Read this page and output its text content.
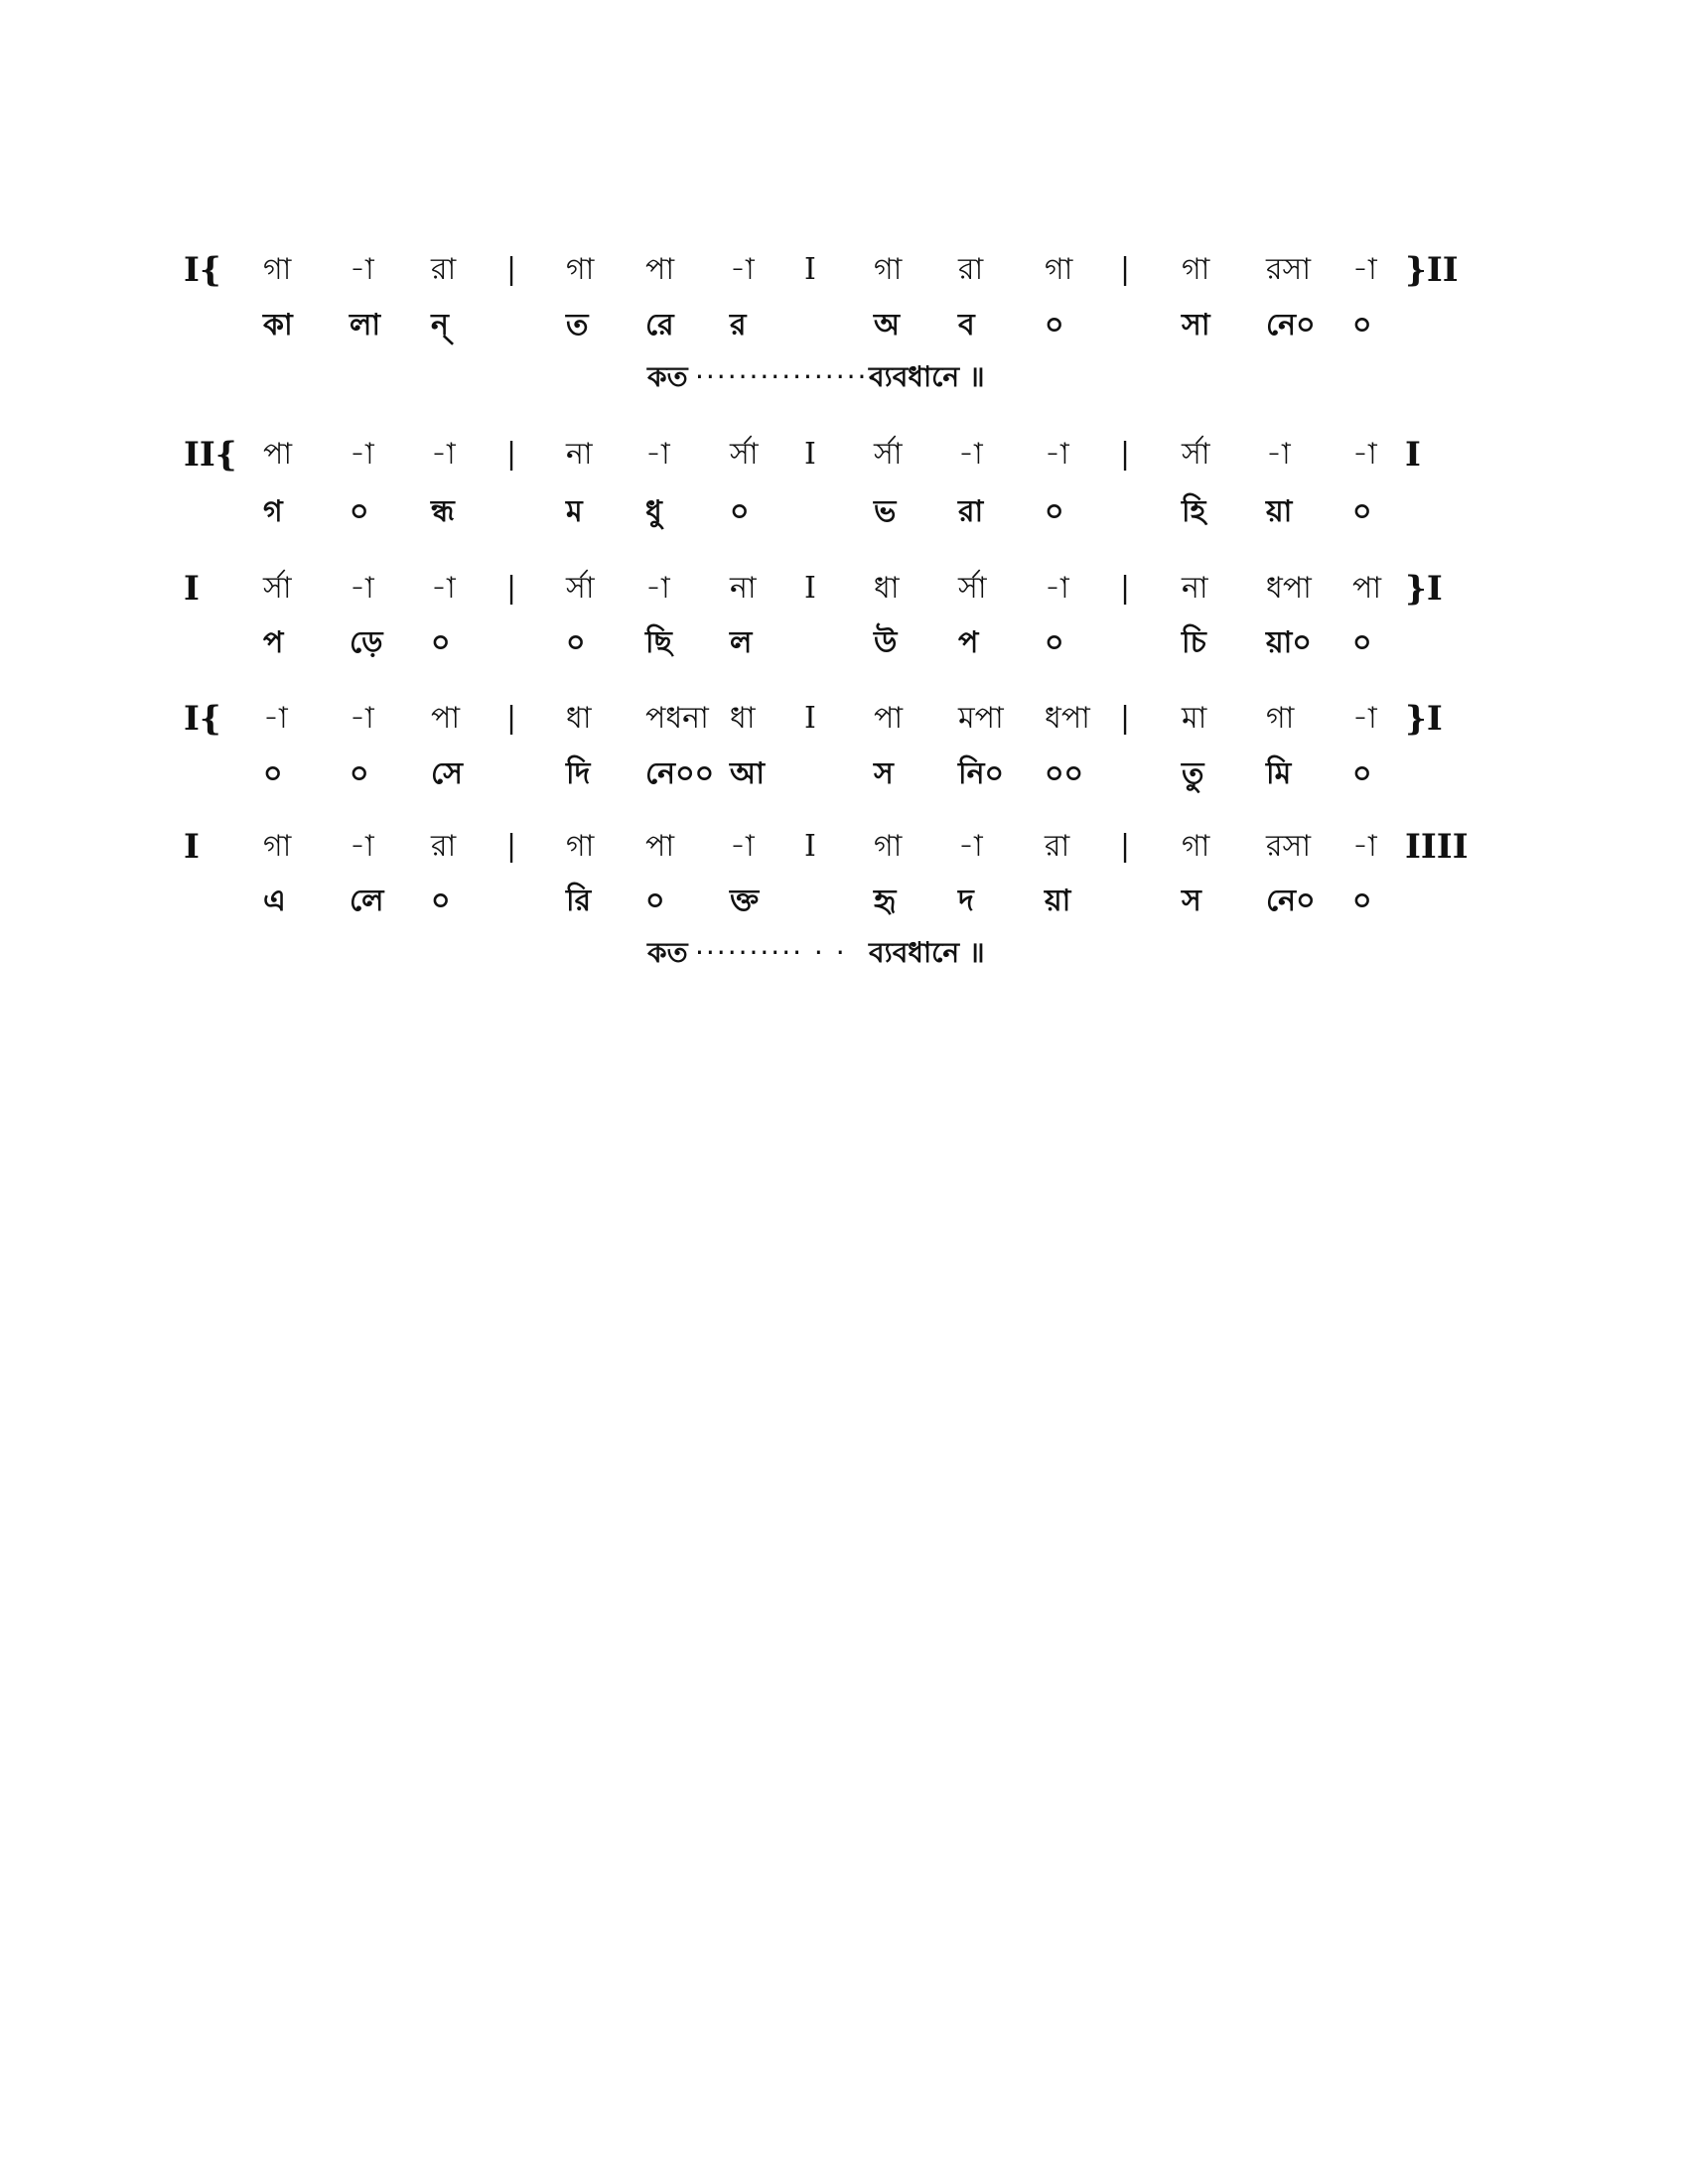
I{ গা -া রা | গা পা -া I গা রা গা | গা রসা -া }II
কা লা ন্	ত রে র	অ ব ০	সা নে০ ০
II{ পা -া -া | না -া র্সা I র্সা -া -া | র্সা -া -া I
গ ০ ন্ধ	ম ধু ০	ভ রা ০	হি য়া ০
I র্সা -া -া | র্সা -া না I ধা র্সা -া | না ধপা পা }I
প ড়ে ০	০ ছি ল	উ প ০	চি য়া০ ০
I{ -া -া পা | ধা পধনা ধা I পা মপা ধপা | মা গা -া }I
০ ০ সে	দি নে০০ আ	স নি০ ০০	তু মি ০
I গা -া রা | গা পা -া I গা -া রা | গা রসা -া IIII
এ লে ০	রি ০ ক্ত	হৃ দ য়া	স নে০ ০
কত ·················
ব্যবধানে ॥
কত ·········· · · ব্যবধানে ॥
